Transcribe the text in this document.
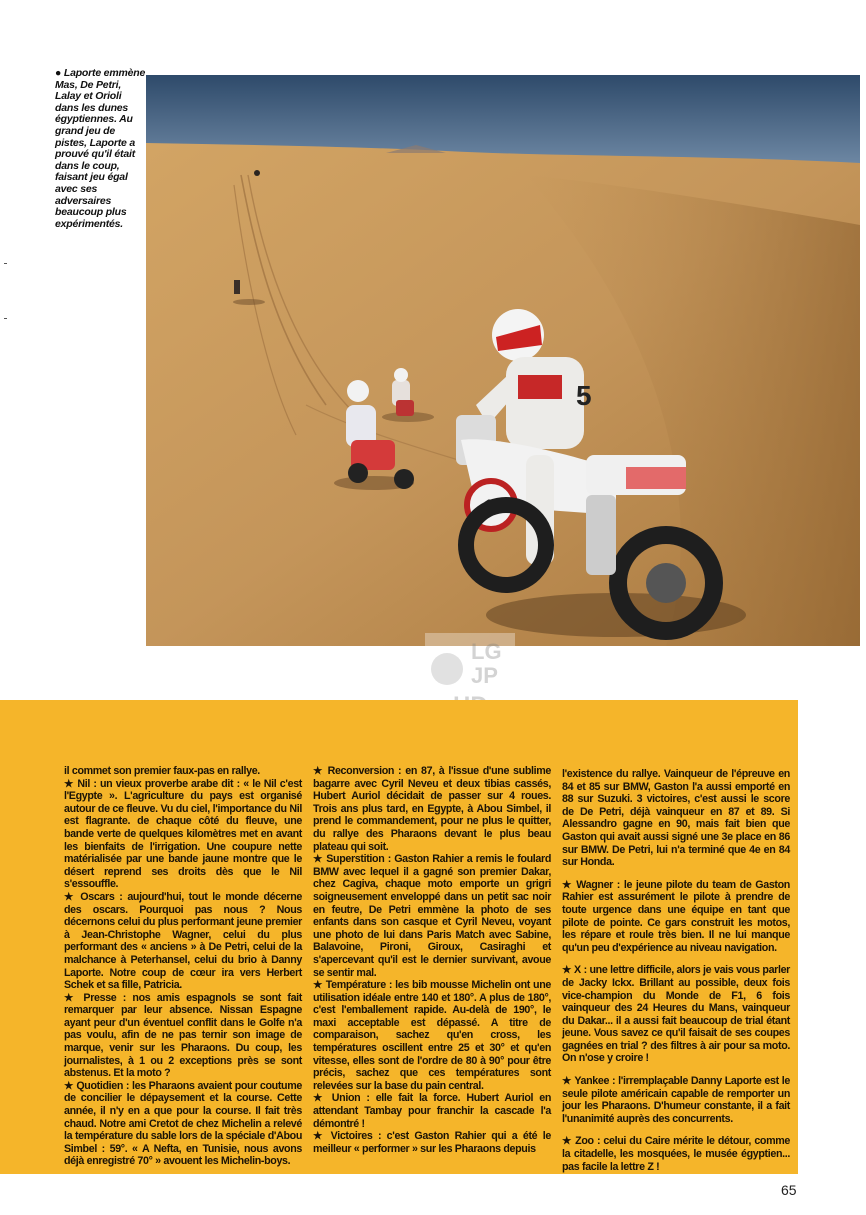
● Laporte emmène Mas, De Petri, Lalay et Orioli dans les dunes égyptiennes. Au grand jeu de pistes, Laporte a prouvé qu'il était dans le coup, faisant jeu égal avec ses adversaires beaucoup plus expérimentés.
5
1
LG
JP

il commet son premier faux-pas en rallye.

★ Nil : un vieux proverbe arabe dit : « le Nil c'est l'Egypte ». L'agriculture du pays est organisé autour de ce fleuve. Vu du ciel, l'importance du Nil est flagrante. de chaque côté du fleuve, une bande verte de quelques kilomètres met en avant les bienfaits de l'irrigation. Une coupure nette matérialisée par une bande jaune montre que le désert reprend ses droits dès que le Nil s'essouffle.

★ Oscars : aujourd'hui, tout le monde décerne des oscars. Pourquoi pas nous ? Nous décernons celui du plus performant jeune premier à Jean-Christophe Wagner, celui du plus performant des « anciens » à De Petri, celui de la malchance à Peterhansel, celui du brio à Danny Laporte. Notre coup de cœur ira vers Herbert Schek et sa fille, Patricia.

★ Presse : nos amis espagnols se sont fait remarquer par leur absence. Nissan Espagne ayant peur d'un éventuel conflit dans le Golfe n'a pas voulu, afin de ne pas ternir son image de marque, venir sur les Pharaons. Du coup, les journalistes, à 1 ou 2 exceptions près se sont abstenus. Et la moto ?

★ Quotidien : les Pharaons avaient pour coutume de concilier le dépaysement et la course. Cette année, il n'y en a que pour la course. Il fait très chaud. Notre ami Cretot de chez Michelin a relevé la température du sable lors de la spéciale d'Abou Simbel : 59°. « A Nefta, en Tunisie, nous avons déjà enregistré 70° » avouent les Michelin-boys.

★ Reconversion : en 87, à l'issue d'une sublime bagarre avec Cyril Neveu et deux tibias cassés, Hubert Auriol décidait de passer sur 4 roues. Trois ans plus tard, en Egypte, à Abou Simbel, il prend le commandement, pour ne plus le quitter, du rallye des Pharaons devant le plus beau plateau qui soit.

★ Superstition : Gaston Rahier a remis le foulard BMW avec lequel il a gagné son premier Dakar, chez Cagiva, chaque moto emporte un grigri soigneusement enveloppé dans un petit sac noir en feutre, De Petri emmène la photo de ses enfants dans son casque et Cyril Neveu, voyant une photo de lui dans Paris Match avec Sabine, Balavoine, Pironi, Giroux, Casiraghi et s'apercevant qu'il est le dernier survivant, avoue se sentir mal.

★ Température : les bib mousse Michelin ont une utilisation idéale entre 140 et 180°. A plus de 180°, c'est l'emballement rapide. Au-delà de 190°, le maxi acceptable est dépassé. A titre de comparaison, sachez qu'en cross, les températures oscillent entre 25 et 30° et qu'en vitesse, elles sont de l'ordre de 80 à 90° pour être précis, sachez que ces températures sont relevées sur la base du pain central.

★ Union : elle fait la force. Hubert Auriol en attendant Tambay pour franchir la cascade l'a démontré !

★ Victoires : c'est Gaston Rahier qui a été le meilleur « performer » sur les Pharaons depuis

l'existence du rallye. Vainqueur de l'épreuve en 84 et 85 sur BMW, Gaston l'a aussi emporté en 88 sur Suzuki. 3 victoires, c'est aussi le score de De Petri, déjà vainqueur en 87 et 89. Si Alessandro gagne en 90, mais fait bien que Gaston qui avait aussi signé une 3e place en 86 sur BMW. De Petri, lui n'a terminé que 4e en 84 sur Honda.

★ Wagner : le jeune pilote du team de Gaston Rahier est assurément le pilote à prendre de toute urgence dans une équipe en tant que pilote de pointe. Ce gars construit les motos, les répare et roule très bien. Il ne lui manque qu'un peu d'expérience au niveau navigation.

★ X : une lettre difficile, alors je vais vous parler de Jacky Ickx. Brillant au possible, deux fois vice-champion du Monde de F1, 6 fois vainqueur des 24 Heures du Mans, vainqueur du Dakar... il a aussi fait beaucoup de trial étant jeune. Vous savez ce qu'il faisait de ses coupes gagnées en trial ? des filtres à air pour sa moto. On n'ose y croire !

★ Yankee : l'irremplaçable Danny Laporte est le seule pilote américain capable de remporter un jour les Pharaons. D'humeur constante, il a fait l'unanimité auprès des concurrents.

★ Zoo : celui du Caire mérite le détour, comme la citadelle, les mosquées, le musée égyptien... pas facile la lettre Z !

65
